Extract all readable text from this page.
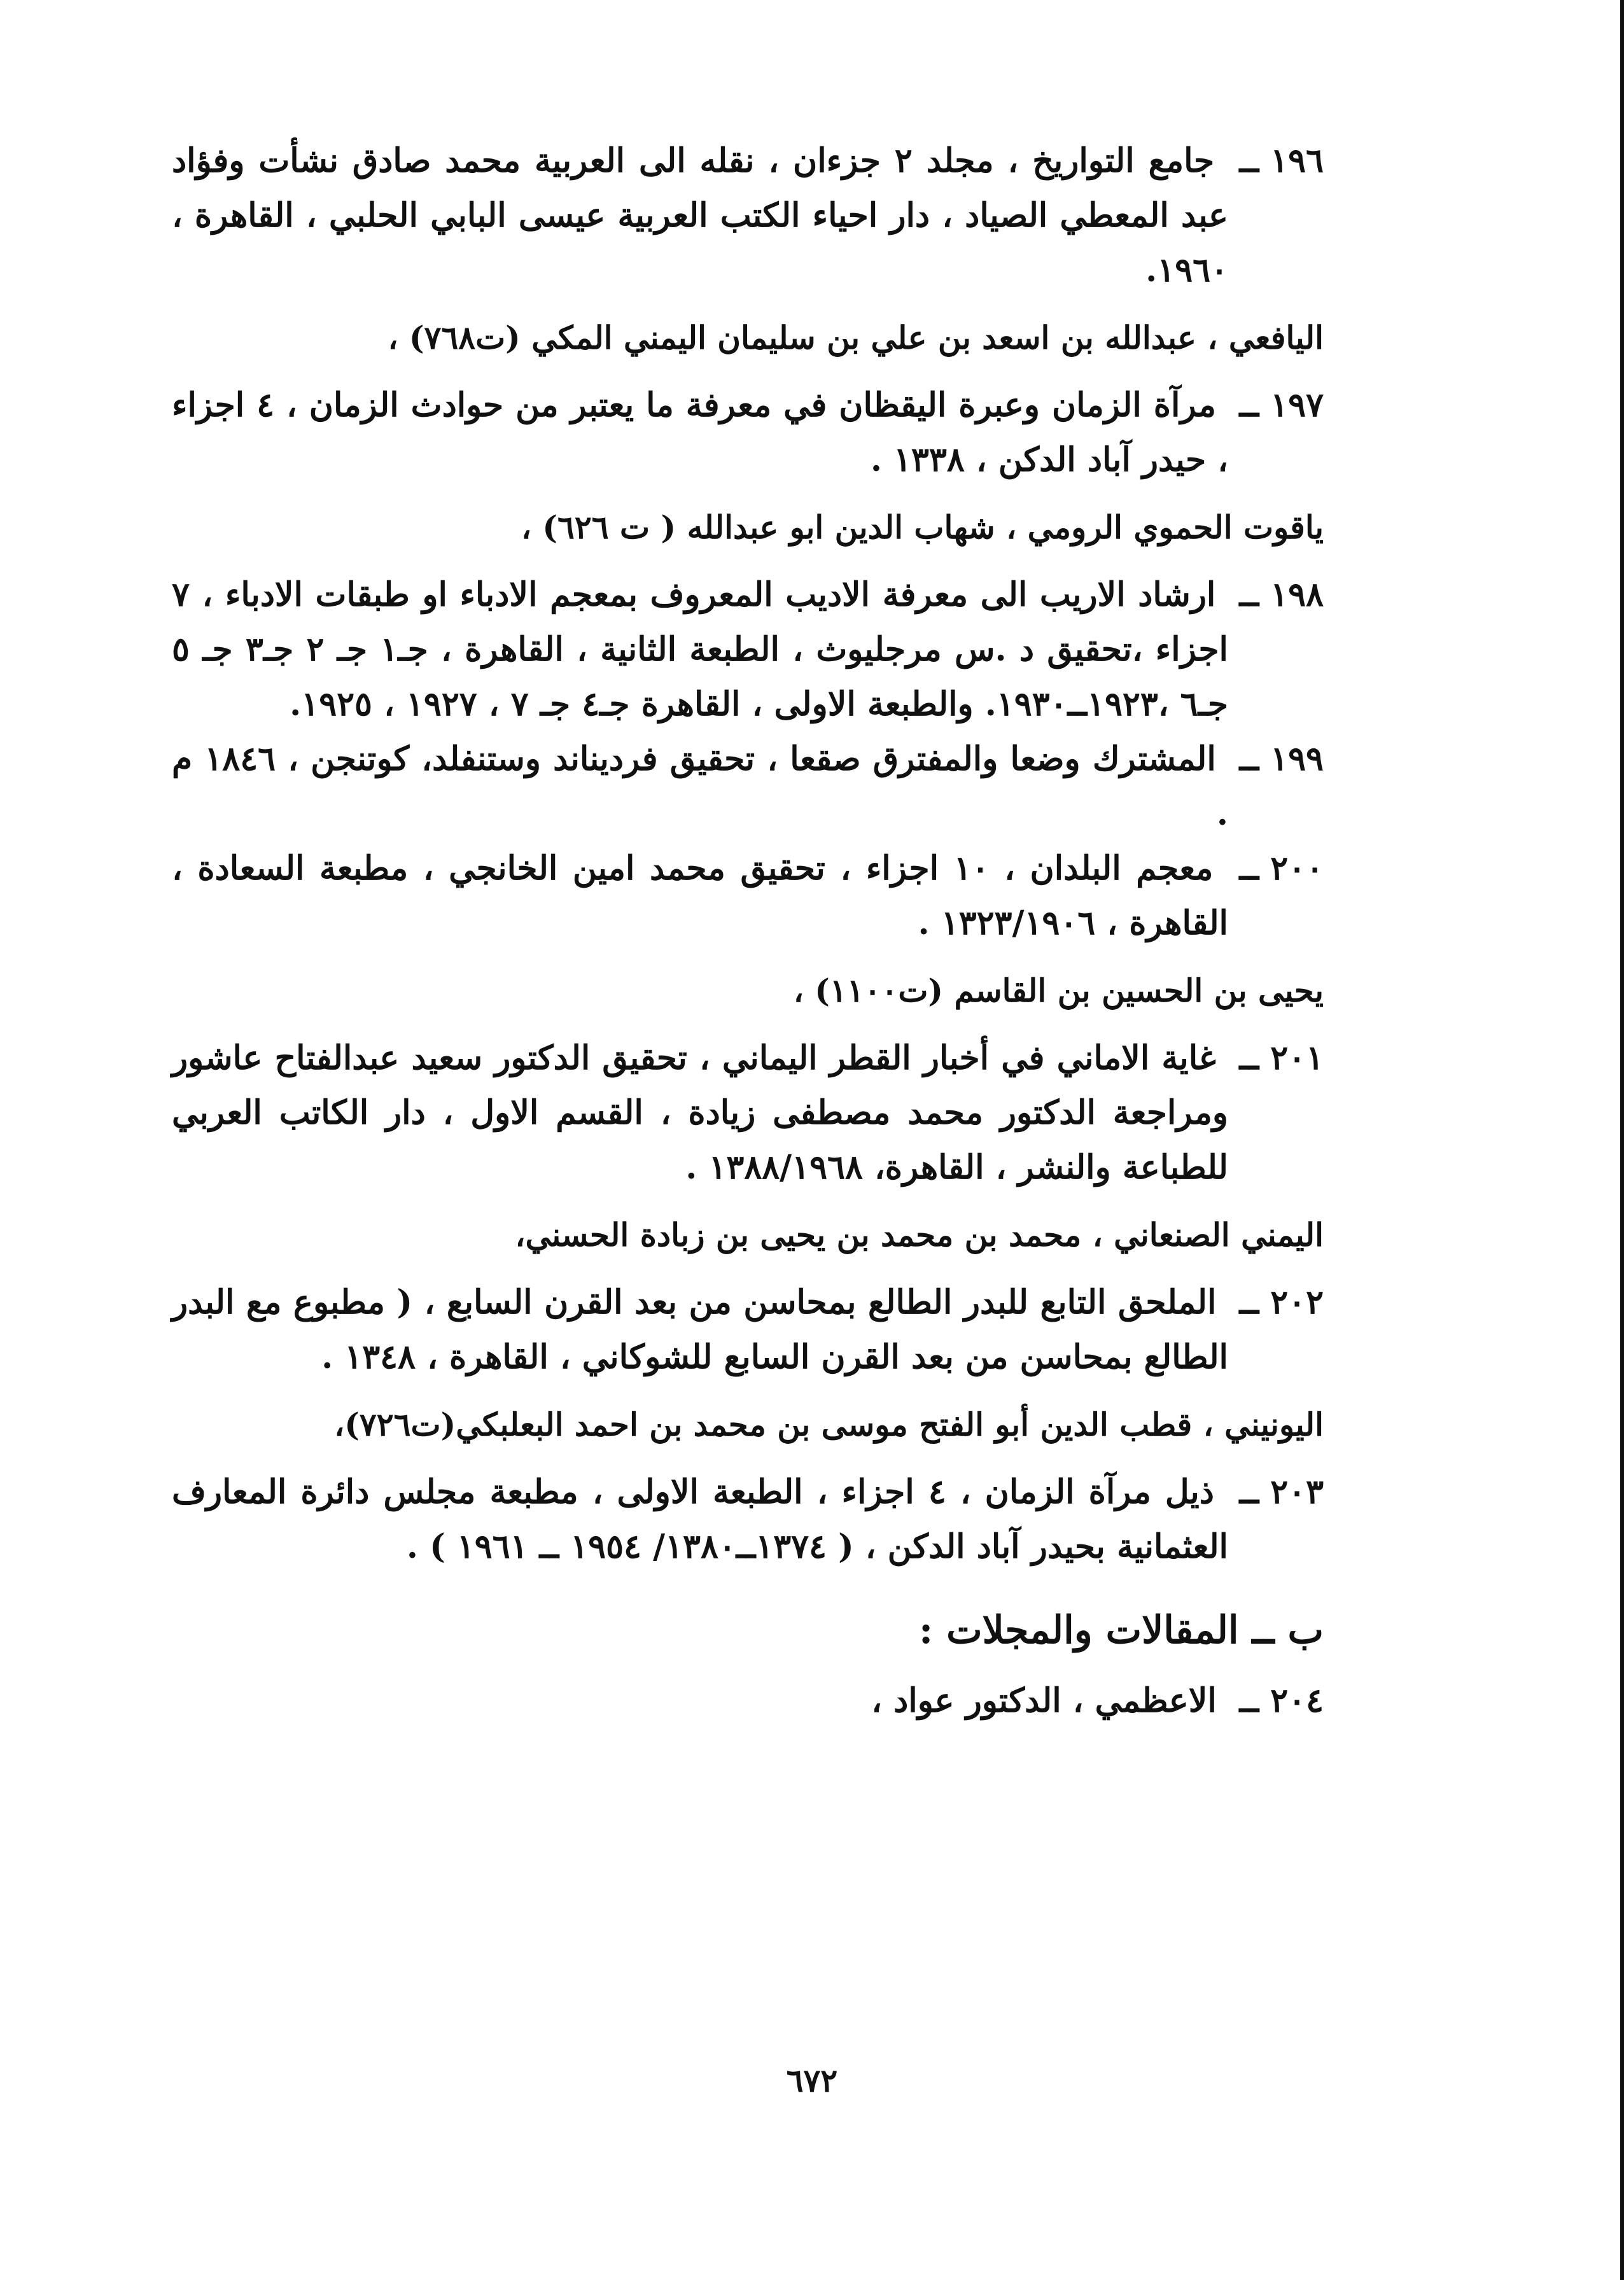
١٩٦ ــ جامع التواريخ ، مجلد ٢ جزءان ، نقله الى العربية محمد صادق نشأت وفؤاد عبد المعطي الصياد ، دار احياء الكتب العربية عيسى البابي الحلبي ، القاهرة ، ١٩٦٠.
اليافعي ، عبدالله بن اسعد بن علي بن سليمان اليمني المكي (ت٧٦٨) ،
١٩٧ ــ مرآة الزمان وعبرة اليقظان في معرفة ما يعتبر من حوادث الزمان ، ٤ اجزاء ، حيدر آباد الدكن ، ١٣٣٨ .
ياقوت الحموي الرومي ، شهاب الدين ابو عبدالله ( ت ٦٢٦) ،
١٩٨ ــ ارشاد الاريب الى معرفة الاديب المعروف بمعجم الادباء او طبقات الادباء ، ٧ اجزاء ،تحقيق د .س مرجليوث ، الطبعة الثانية ، القاهرة ، جـ١ جـ ٢ جـ٣ جـ ٥ جـ٦ ،١٩٢٣ــ١٩٣٠. والطبعة الاولى ، القاهرة جـ٤ جـ ٧ ، ١٩٢٧ ، ١٩٢٥.
١٩٩ ــ المشترك وضعا والمفترق صقعا ، تحقيق فرديناند وستنفلد، كوتنجن ، ١٨٤٦ م .
٢٠٠ ــ معجم البلدان ، ١٠ اجزاء ، تحقيق محمد امين الخانجي ، مطبعة السعادة ، القاهرة ، ١٣٢٣/١٩٠٦ .
يحيى بن الحسين بن القاسم (ت١١٠٠) ،
٢٠١ ــ غاية الاماني في أخبار القطر اليماني ، تحقيق الدكتور سعيد عبدالفتاح عاشور ومراجعة الدكتور محمد مصطفى زيادة ، القسم الاول ، دار الكاتب العربي للطباعة والنشر ، القاهرة، ١٣٨٨/١٩٦٨ .
اليمني الصنعاني ، محمد بن محمد بن يحيى بن زبادة الحسني،
٢٠٢ ــ الملحق التابع للبدر الطالع بمحاسن من بعد القرن السابع ، ( مطبوع مع البدر الطالع بمحاسن من بعد القرن السابع للشوكاني ، القاهرة ، ١٣٤٨ .
اليونيني ، قطب الدين أبو الفتح موسى بن محمد بن احمد البعلبكي(ت٧٢٦)،
٢٠٣ ــ ذيل مرآة الزمان ، ٤ اجزاء ، الطبعة الاولى ، مطبعة مجلس دائرة المعارف العثمانية بحيدر آباد الدكن ، ( ١٣٧٤ــ١٣٨٠/ ١٩٥٤ ــ ١٩٦١ ) .
ب ــ المقالات والمجلات :
٢٠٤ ــ الاعظمي ، الدكتور عواد ،
٦٧٢
